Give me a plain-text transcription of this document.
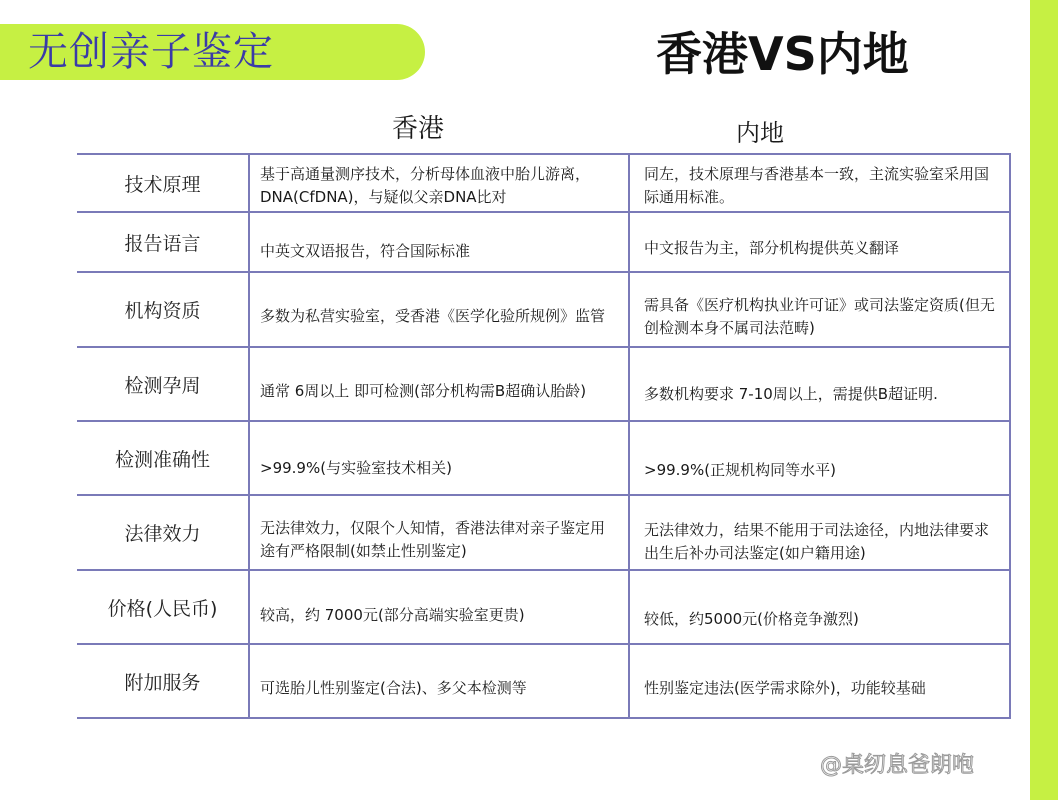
无创亲子鉴定	香港VS内地
香港	内地
技术原理	基于高通量测序技术，分析母体血液中胎儿游离，DNA(CfDNA)，与疑似父亲DNA比对	同左，技术原理与香港基本一致，主流实验室采用国际通用标准。

报告语言	中英文双语报告，符合国际标准	中文报告为主，部分机构提供英义翻译

机构资质	多数为私营实验室，受香港《医学化验所规例》监管	需具备《医疗机构执业许可证》或司法鉴定资质(但无创检测本身不属司法范畴)

检测孕周	通常 6周以上 即可检测(部分机构需B超确认胎龄)	多数机构要求 7-10周以上，需提供B超证明.

检测准确性	>99.9%(与实验室技术相关)	>99.9%(正规机构同等水平)

法律效力	无法律效力，仅限个人知情，香港法律对亲子鉴定用途有严格限制(如禁止性别鉴定)	无法律效力，结果不能用于司法途径，内地法律要求出生后补办司法鉴定(如户籍用途)

价格(人民币)	较高，约 7000元(部分高端实验室更贵)	较低，约5000元(价格竞争激烈)

附加服务	可选胎儿性别鉴定(合法)、多父本检测等	性别鉴定违法(医学需求除外)，功能较基础
@桌纫息爸朗咆
